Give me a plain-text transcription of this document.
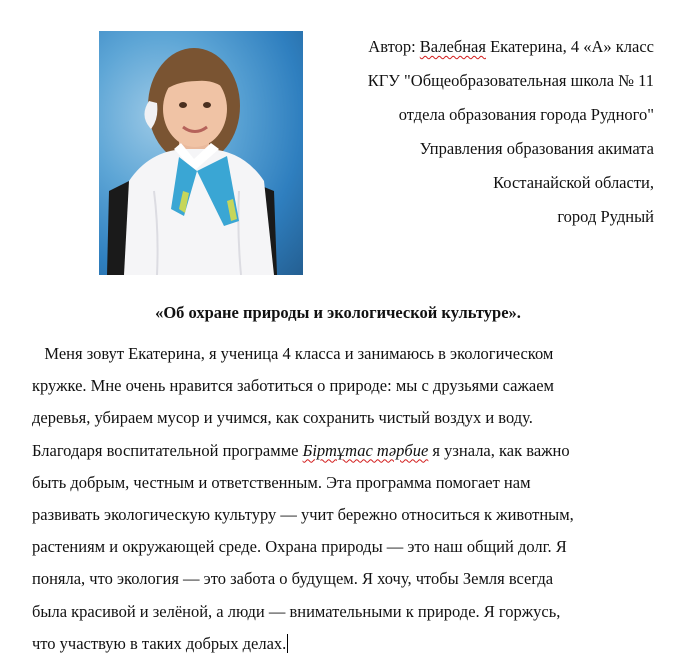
Автор: Валебная Екатерина, 4 «А» класс
КГУ "Общеобразовательная школа № 11
отдела образования города Рудного"
Управления образования акимата
Костанайской области,
город Рудный
«Об охране природы и экологической культуре».
Меня зовут Екатерина, я ученица 4 класса и занимаюсь в экологическом
кружке. Мне очень нравится заботиться о природе: мы с друзьями сажаем
деревья, убираем мусор и учимся, как сохранить чистый воздух и воду.
Благодаря воспитательной программе Біртұтас тәрбие я узнала, как важно
быть добрым, честным и ответственным. Эта программа помогает нам
развивать экологическую культуру — учит бережно относиться к животным,
растениям и окружающей среде. Охрана природы — это наш общий долг. Я
поняла, что экология — это забота о будущем. Я хочу, чтобы Земля всегда
была красивой и зелёной, а люди — внимательными к природе. Я горжусь,
что участвую в таких добрых делах.
